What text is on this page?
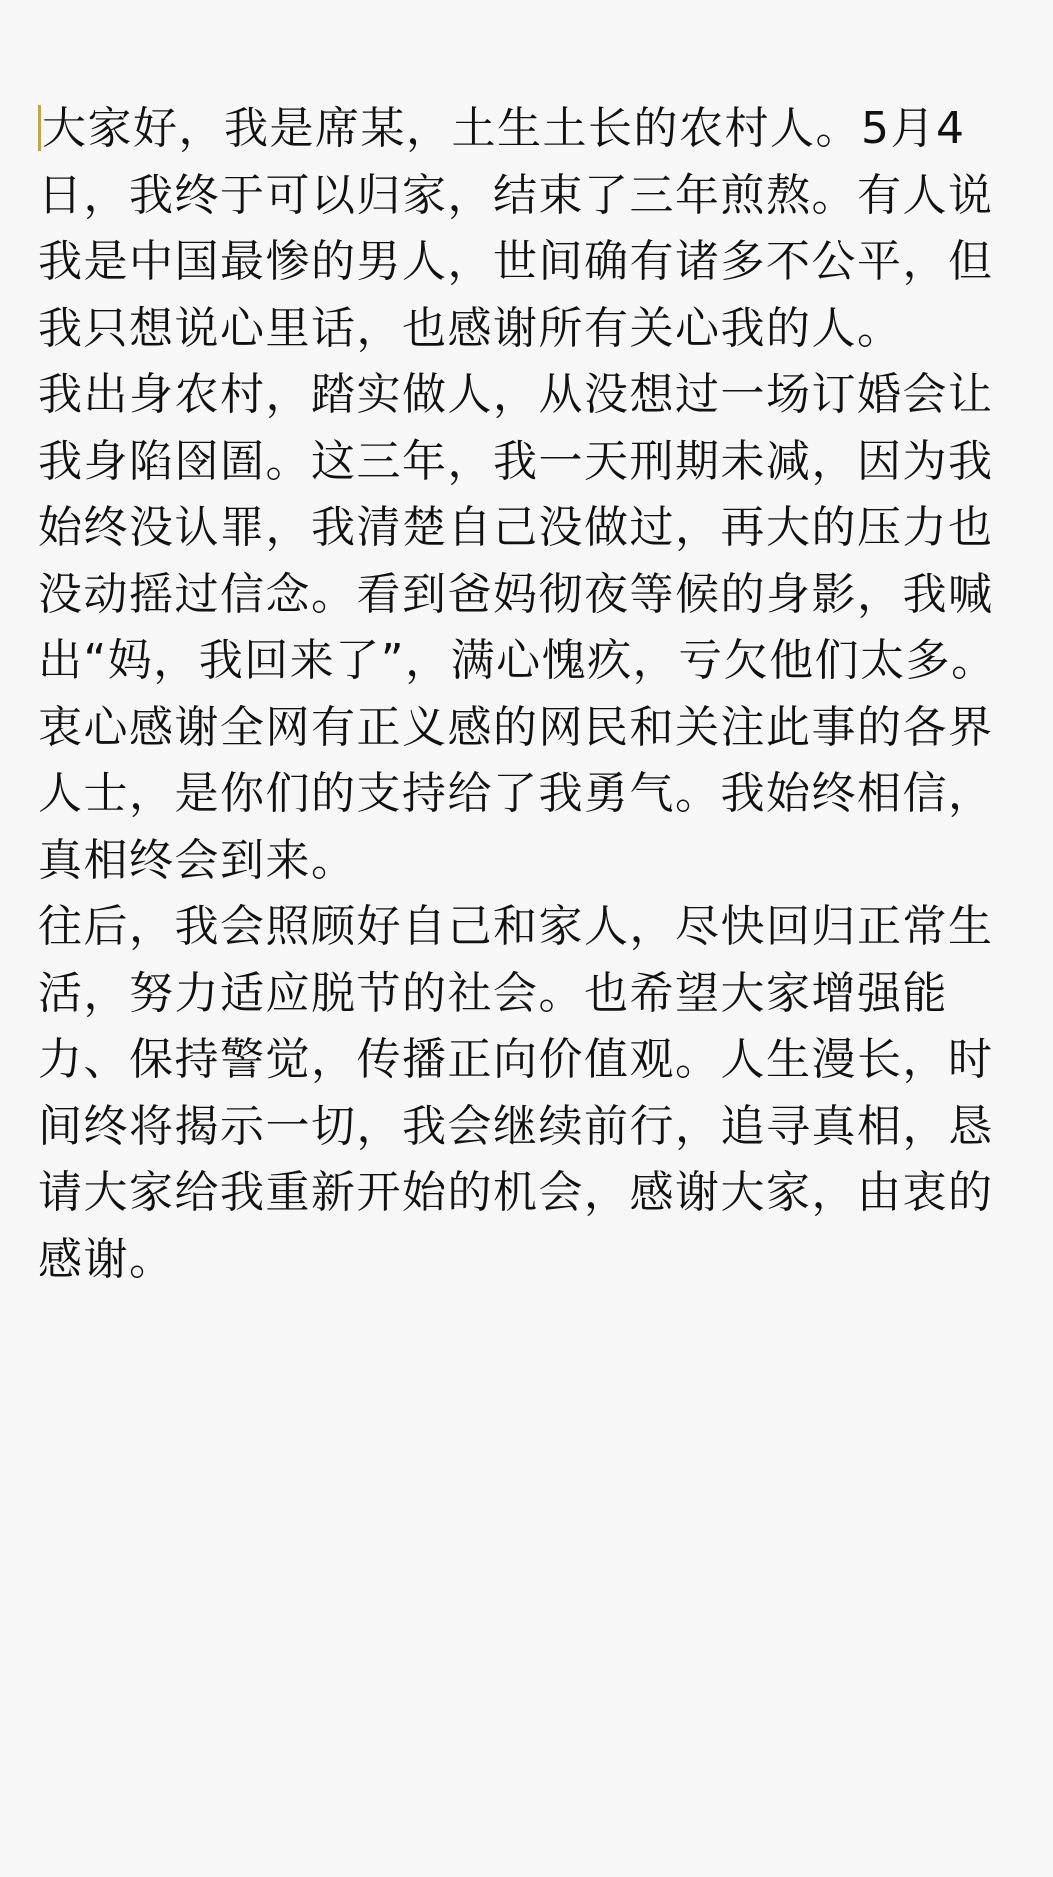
大家好，我是席某，土生土长的农村人。5月4日，我终于可以归家，结束了三年煎熬。有人说我是中国最惨的男人，世间确有诸多不公平，但我只想说心里话，也感谢所有关心我的人。

我出身农村，踏实做人，从没想过一场订婚会让我身陷囹圄。这三年，我一天刑期未减，因为我始终没认罪，我清楚自己没做过，再大的压力也没动摇过信念。看到爸妈彻夜等候的身影，我喊出“妈，我回来了”，满心愧疚，亏欠他们太多。

衷心感谢全网有正义感的网民和关注此事的各界人士，是你们的支持给了我勇气。我始终相信，真相终会到来。

往后，我会照顾好自己和家人，尽快回归正常生活，努力适应脱节的社会。也希望大家增强能力、保持警觉，传播正向价值观。人生漫长，时间终将揭示一切，我会继续前行，追寻真相，恳请大家给我重新开始的机会，感谢大家，由衷的感谢。
